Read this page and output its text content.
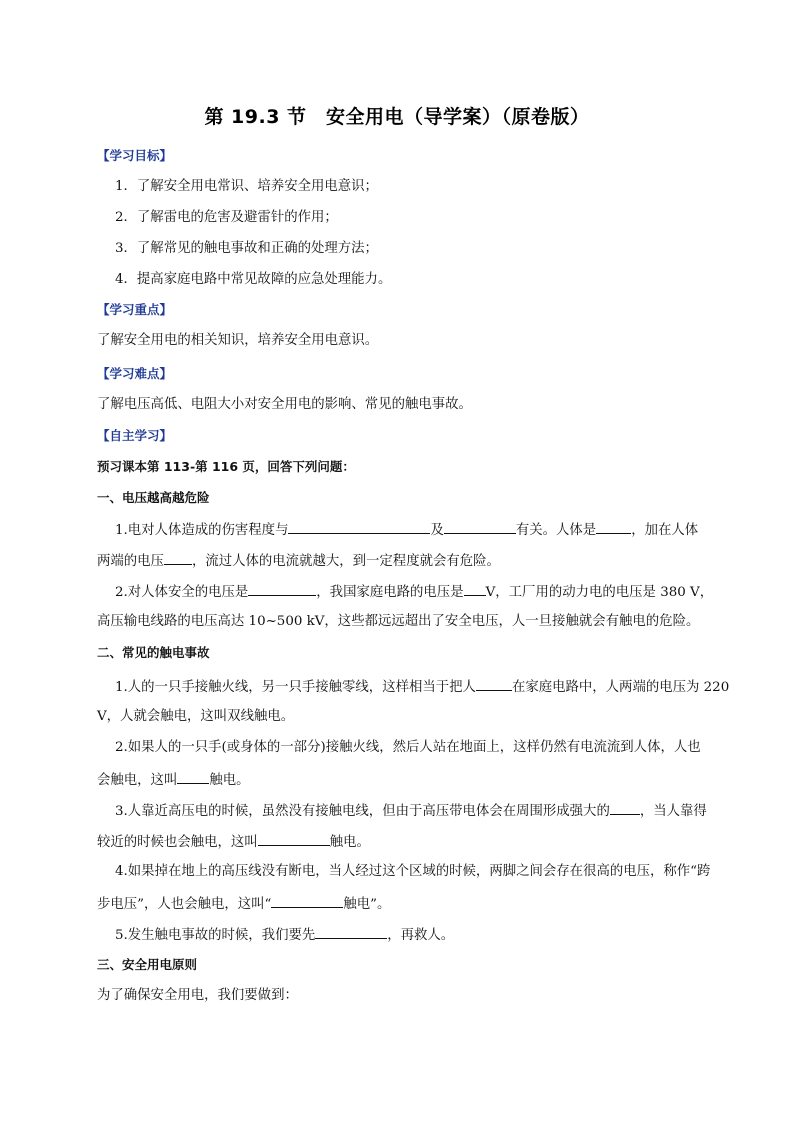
第 19.3 节　安全用电（导学案）（原卷版）
【学习目标】
1．了解安全用电常识、培养安全用电意识；
2．了解雷电的危害及避雷针的作用；
3．了解常见的触电事故和正确的处理方法；
4．提高家庭电路中常见故障的应急处理能力。
【学习重点】
了解安全用电的相关知识，培养安全用电意识。
【学习难点】
了解电压高低、电阻大小对安全用电的影响、常见的触电事故。
【自主学习】
预习课本第 113-第 116 页，回答下列问题：
一、电压越高越危险
1.电对人体造成的伤害程度与	及	有关。人体是	，加在人体
两端的电压 ，流过人体的电流就越大，到一定程度就会有危险。
2.对人体安全的电压是	，我国家庭电路的电压是 V，工厂用的动力电的电压是 380 V，
高压输电线路的电压高达 10~500 kV，这些都远远超出了安全电压，人一旦接触就会有触电的危险。
二、常见的触电事故
1.人的一只手接触火线，另一只手接触零线，这样相当于把人	在家庭电路中，人两端的电压为 220
V，人就会触电，这叫双线触电。
2.如果人的一只手(或身体的一部分)接触火线，然后人站在地面上，这样仍然有电流流到人体，人也
会触电，这叫 触电。
3.人靠近高压电的时候，虽然没有接触电线，但由于高压带电体会在周围形成强大的 ，当人靠得
较近的时候也会触电，这叫	触电。
4.如果掉在地上的高压线没有断电，当人经过这个区域的时候，两脚之间会存在很高的电压，称作“跨
步电压”，人也会触电，这叫“	触电”。
5.发生触电事故的时候，我们要先	，再救人。
三、安全用电原则
为了确保安全用电，我们要做到：
